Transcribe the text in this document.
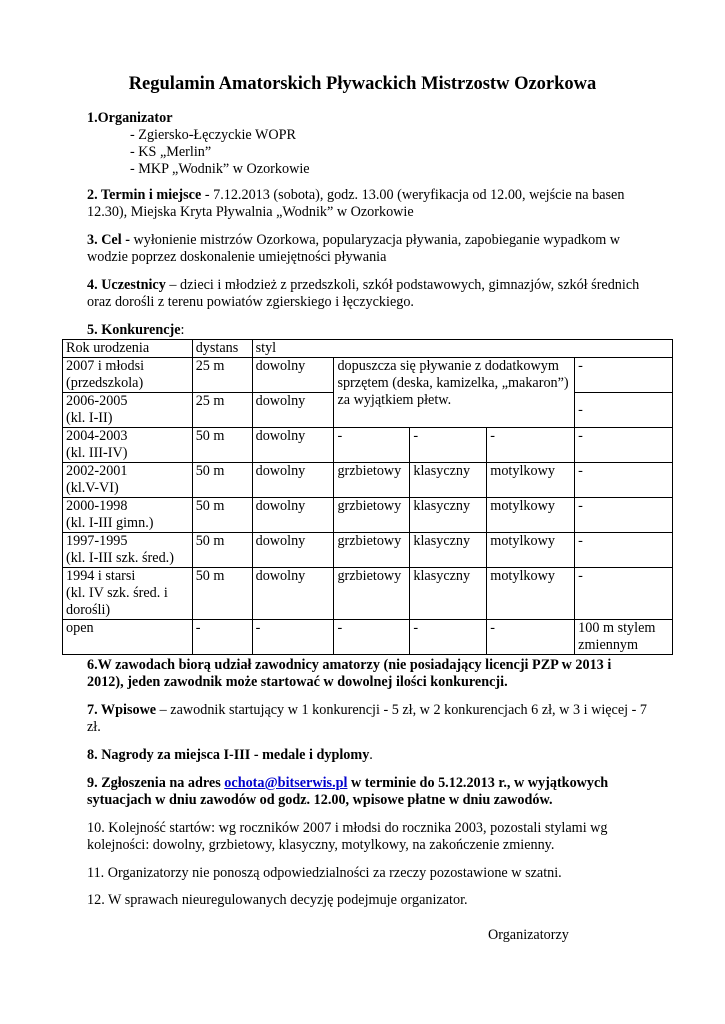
Regulamin Amatorskich Pływackich Mistrzostw Ozorkowa

1.Organizator

- Zgiersko-Łęczyckie WOPR
- KS „Merlin”
- MKP „Wodnik” w Ozorkowie

2. Termin i miejsce - 7.12.2013 (sobota), godz. 13.00 (weryfikacja od 12.00, wejście na basen 12.30), Miejska Kryta Pływalnia „Wodnik” w Ozorkowie

3. Cel - wyłonienie mistrzów Ozorkowa, popularyzacja pływania, zapobieganie wypadkom w wodzie poprzez doskonalenie umiejętności pływania

4. Uczestnicy – dzieci i młodzież z przedszkoli, szkół podstawowych, gimnazjów, szkół średnich oraz dorośli z terenu powiatów zgierskiego i łęczyckiego.

5. Konkurencje:

Rok urodzenia	dystans	styl				
2007 i młodsi
(przedszkola)	25 m	dowolny	dopuszcza się pływanie z dodatkowym sprzętem (deska, kamizelka, „makaron”) za wyjątkiem płetw.			-
2006-2005
(kl. I-II)	25 m	dowolny				-
2004-2003
(kl. III-IV)	50 m	dowolny	-	-	-	-
2002-2001
(kl.V-VI)	50 m	dowolny	grzbietowy	klasyczny	motylkowy	-
2000-1998
(kl. I-III gimn.)	50 m	dowolny	grzbietowy	klasyczny	motylkowy	-
1997-1995
(kl. I-III szk. śred.)	50 m	dowolny	grzbietowy	klasyczny	motylkowy	-
1994 i starsi
(kl. IV szk. śred. i dorośli)	50 m	dowolny	grzbietowy	klasyczny	motylkowy	-
open	-	-	-	-	-	100 m stylem zmiennym

6.W zawodach biorą udział zawodnicy amatorzy (nie posiadający licencji PZP w 2013 i 2012), jeden zawodnik może startować w dowolnej ilości konkurencji.

7. Wpisowe – zawodnik startujący w 1 konkurencji - 5 zł, w 2 konkurencjach 6 zł, w 3 i więcej - 7 zł.

8. Nagrody za miejsca I-III - medale i dyplomy.

9. Zgłoszenia na adres ochota@bitserwis.pl w terminie do 5.12.2013 r., w wyjątkowych sytuacjach w dniu zawodów od godz. 12.00, wpisowe płatne w dniu zawodów.

10. Kolejność startów: wg roczników 2007 i młodsi do rocznika 2003, pozostali stylami wg kolejności: dowolny, grzbietowy, klasyczny, motylkowy, na zakończenie zmienny.

11. Organizatorzy nie ponoszą odpowiedzialności za rzeczy pozostawione w szatni.

12. W sprawach nieuregulowanych decyzję podejmuje organizator.

Organizatorzy
